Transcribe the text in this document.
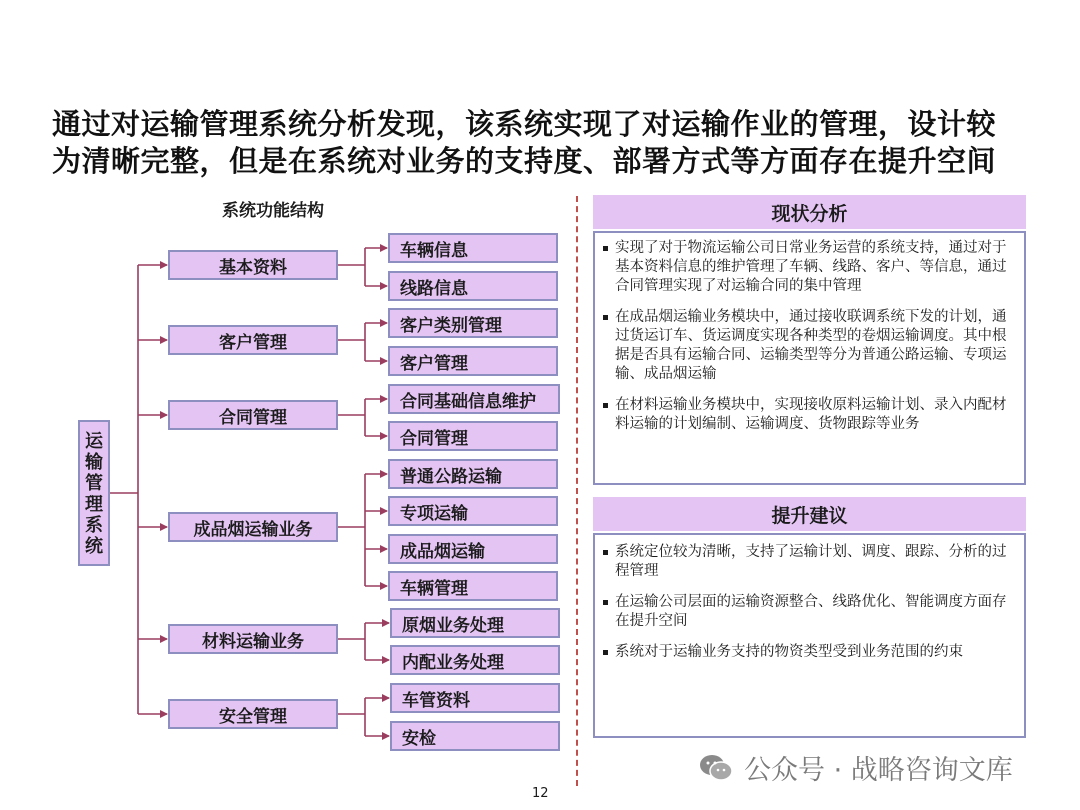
通过对运输管理系统分析发现，该系统实现了对运输作业的管理，设计较
为清晰完整，但是在系统对业务的支持度、部署方式等方面存在提升空间
系统功能结构
运输管理系统
基本资料
客户管理
合同管理
成品烟运输业务
材料运输业务
安全管理
车辆信息
线路信息
客户类别管理
客户管理
合同基础信息维护
合同管理
普通公路运输
专项运输
成品烟运输
车辆管理
原烟业务处理
内配业务处理
车管资料
安检
现状分析
实现了对于物流运输公司日常业务运营的系统支持，通过对于基本资料信息的维护管理了车辆、线路、客户、等信息，通过合同管理实现了对运输合同的集中管理
在成品烟运输业务模块中，通过接收联调系统下发的计划，通过货运订车、货运调度实现各种类型的卷烟运输调度。其中根据是否具有运输合同、运输类型等分为普通公路运输、专项运输、成品烟运输
在材料运输业务模块中，实现接收原料运输计划、录入内配材料运输的计划编制、运输调度、货物跟踪等业务
提升建议
系统定位较为清晰，支持了运输计划、调度、跟踪、分析的过程管理
在运输公司层面的运输资源整合、线路优化、智能调度方面存在提升空间
系统对于运输业务支持的物资类型受到业务范围的约束
公众号 · 战略咨询文库
12
